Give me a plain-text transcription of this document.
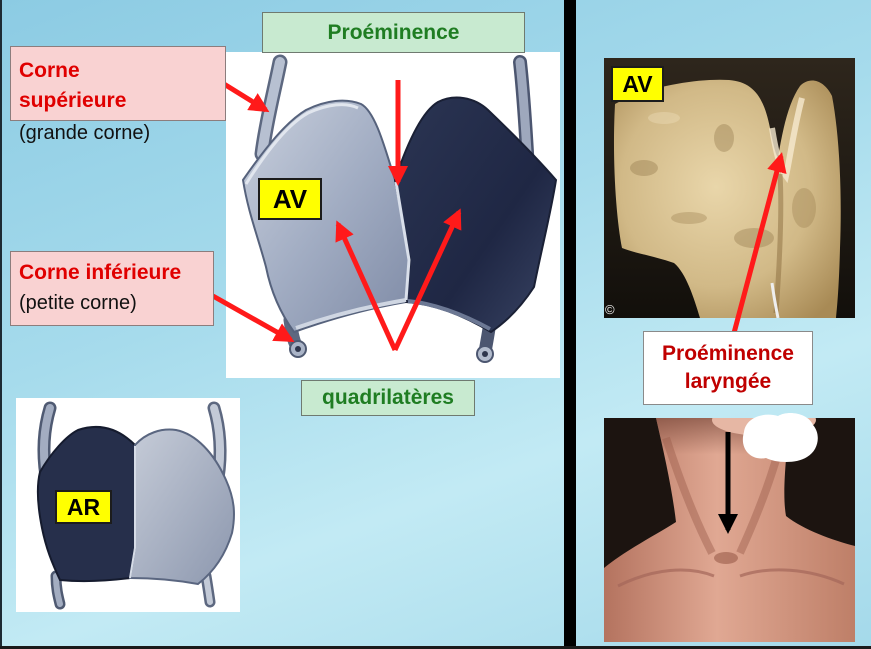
Proéminence
Corne
supérieure
(grande corne)
Corne inférieure
(petite corne)
AV
quadrilatères
AR
AV
©
Proéminence
laryngée
